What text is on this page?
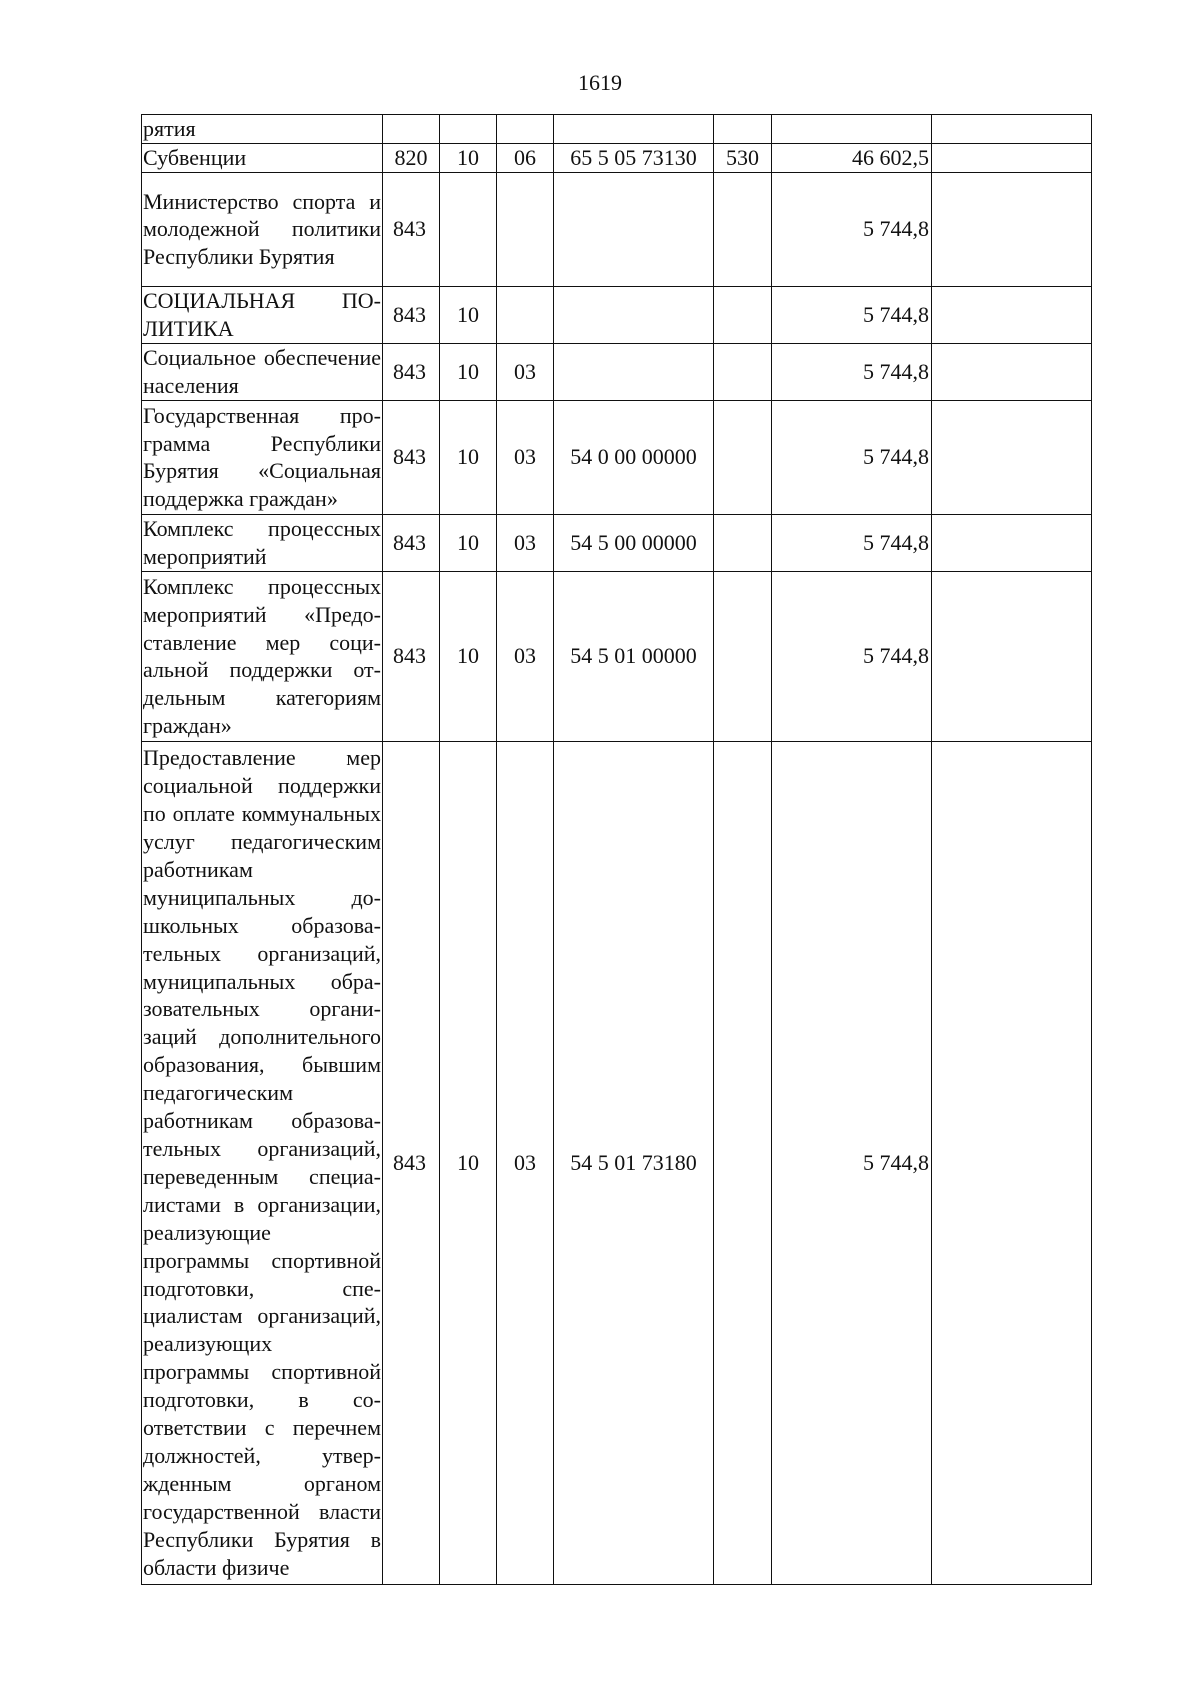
1619
рятия							
Субвенции	820	10	06	65 5 05 73130	530	46 602,5	
Министерство спорта и молодежной политики Республики Бурятия	843					5 744,8	
СОЦИАЛЬНАЯ ПОЛИТИКА	843	10				5 744,8	
Социальное обеспечение населения	843	10	03			5 744,8	
Государственная программа Республики Бурятия «Социальная поддержка граждан»	843	10	03	54 0 00 00000		5 744,8	
Комплекс процессных мероприятий	843	10	03	54 5 00 00000		5 744,8	
Комплекс процессных мероприятий «Предоставление мер социальной поддержки отдельным категориям граждан»	843	10	03	54 5 01 00000		5 744,8	
Предоставление мер социальной поддержки по оплате коммунальных услуг педагогическим работникам муниципальных дошкольных образовательных организаций, муниципальных образовательных организаций дополнительного образования, бывшим педагогическим работникам образовательных организаций, переведенным специалистами в организации, реализующие программы спортивной подготовки, специалистам организаций, реализующих программы спортивной подготовки, в соответствии с перечнем должностей, утвержденным органом государственной власти Республики Бурятия в области физиче	843	10	03	54 5 01 73180		5 744,8	
